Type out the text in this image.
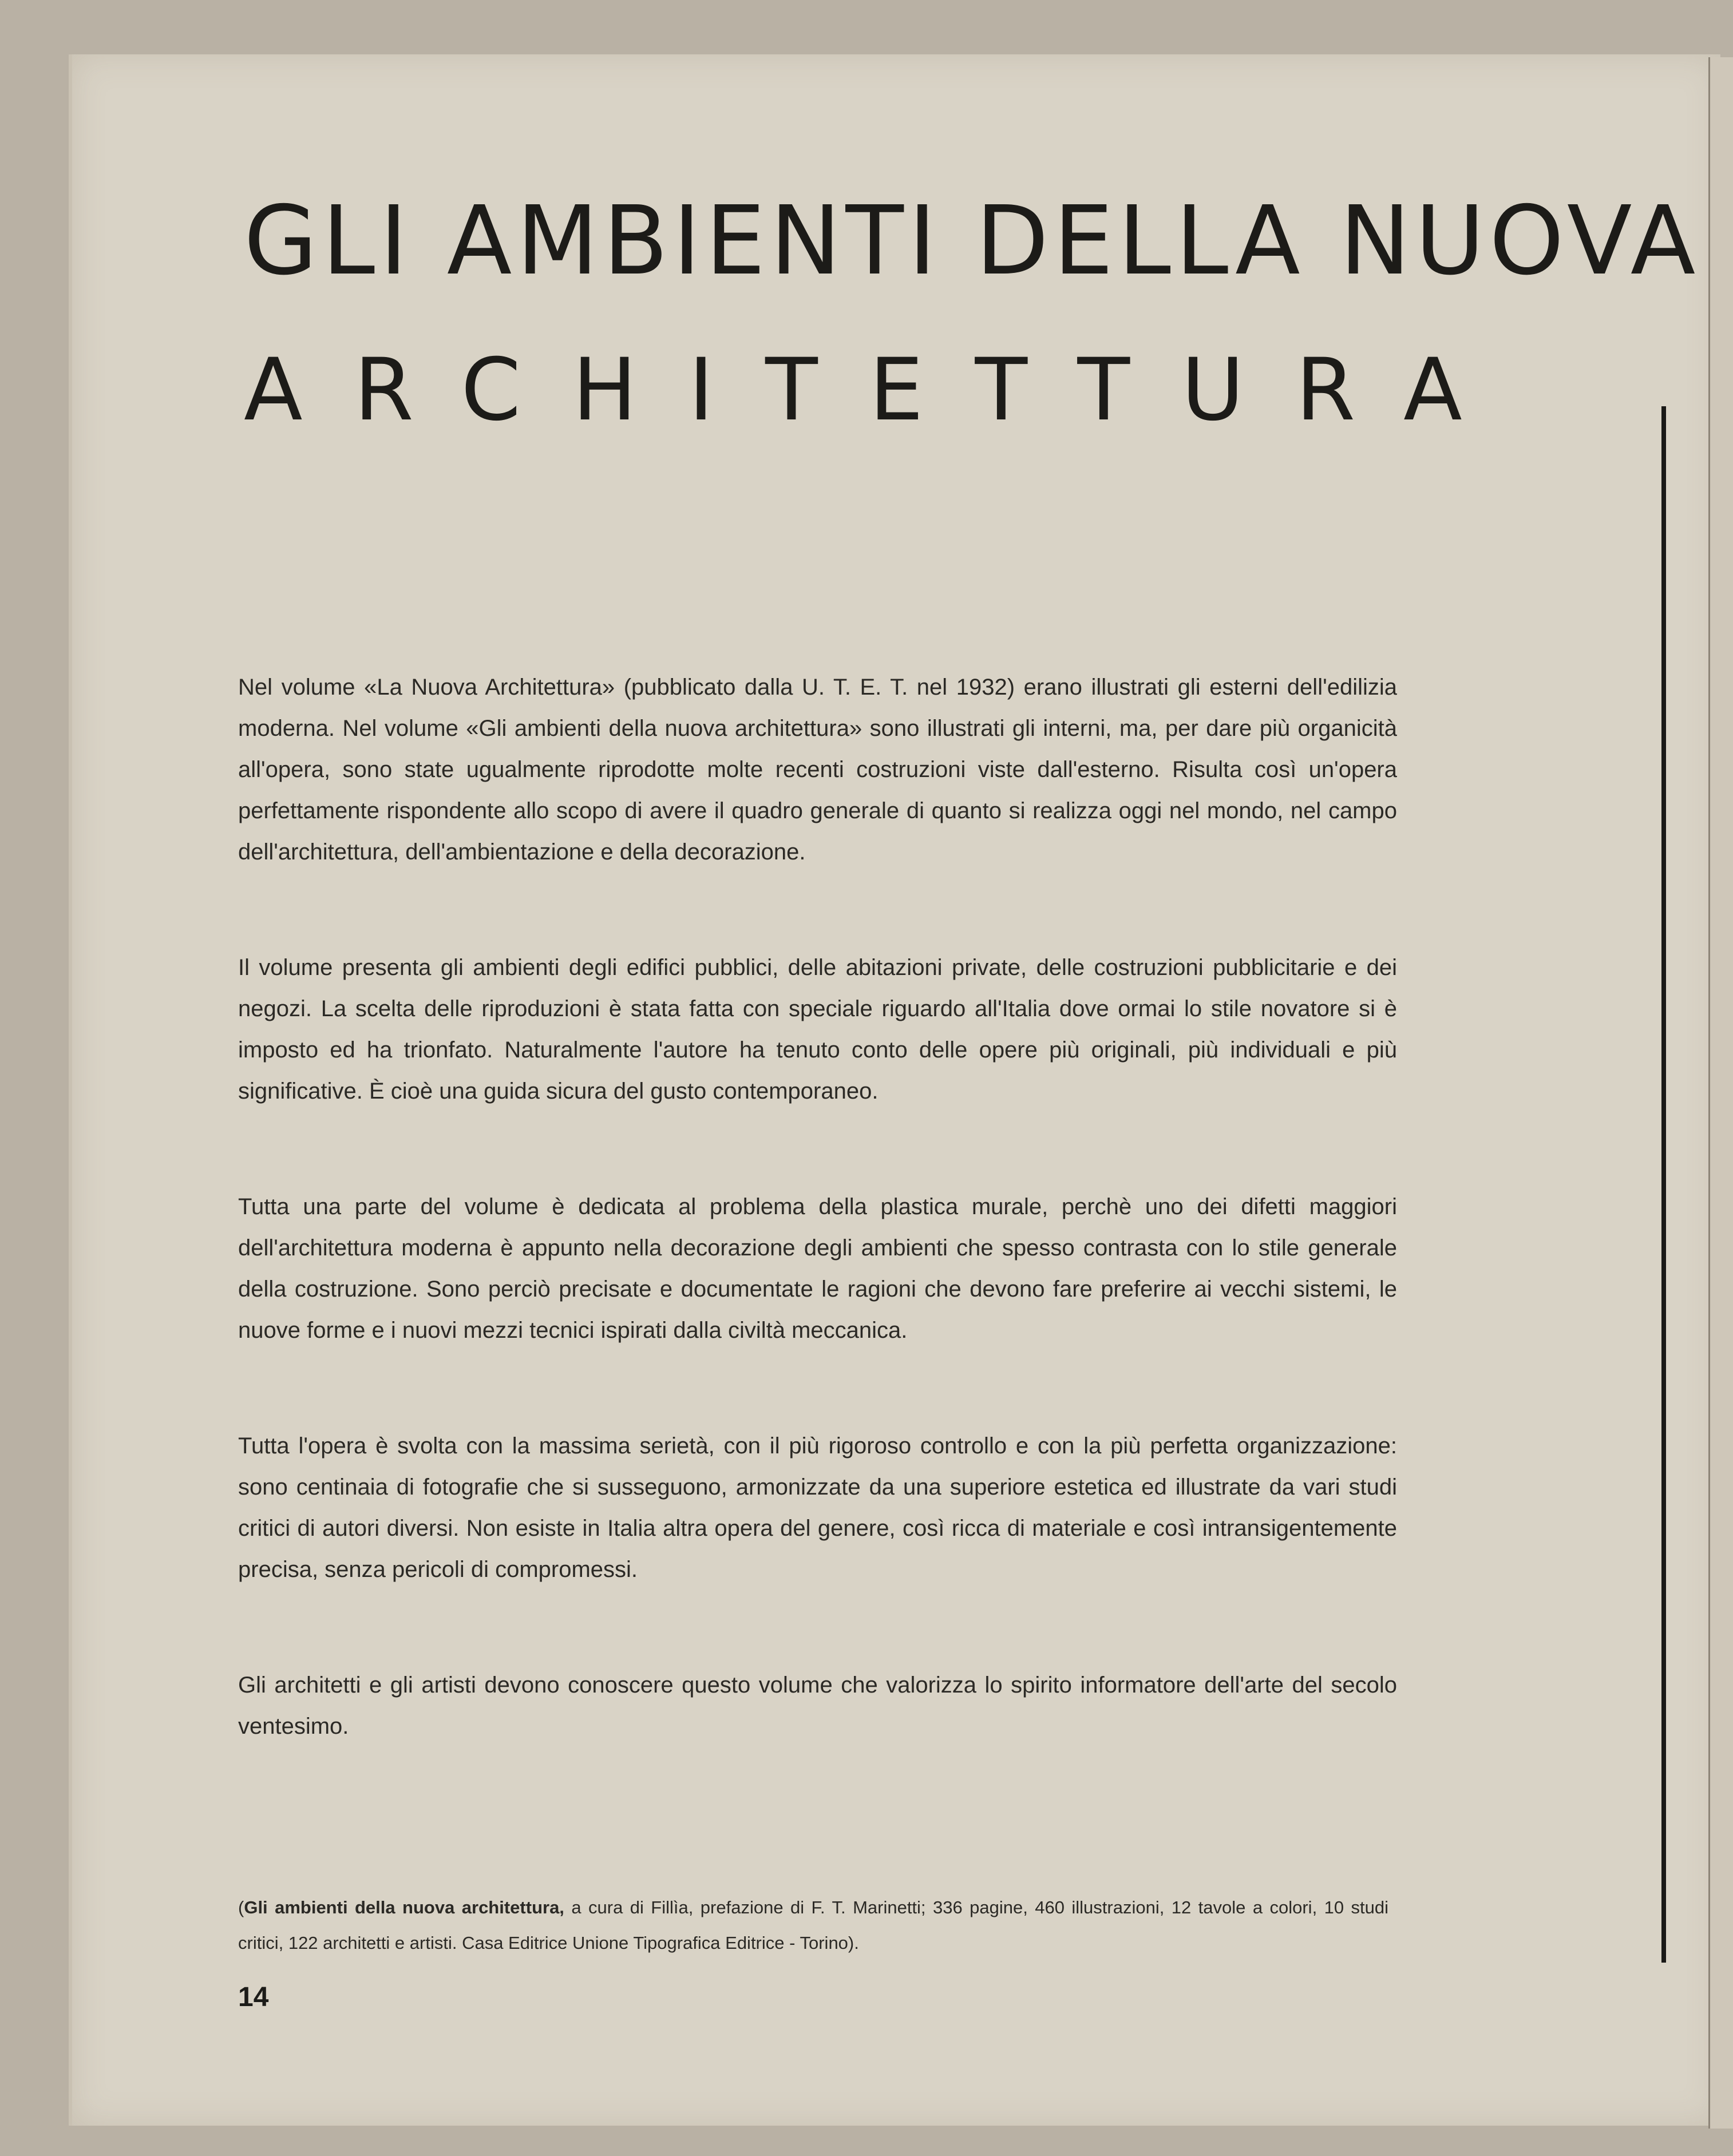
GLI AMBIENTI DELLA NUOVA
ARCHITETTURA

Nel volume «La Nuova Architettura» (pubblicato dalla U. T. E. T. nel 1932) erano illustrati gli esterni dell'edilizia moderna. Nel volume «Gli ambienti della nuova architettura» sono illustrati gli interni, ma, per dare più organicità all'opera, sono state ugualmente riprodotte molte recenti costruzioni viste dall'esterno. Risulta così un'opera perfettamente rispondente allo scopo di avere il quadro generale di quanto si realizza oggi nel mondo, nel campo dell'architettura, dell'ambientazione e della decorazione.

Il volume presenta gli ambienti degli edifici pubblici, delle abitazioni private, delle costruzioni pubblicitarie e dei negozi. La scelta delle riproduzioni è stata fatta con speciale riguardo all'Italia dove ormai lo stile novatore si è imposto ed ha trionfato. Naturalmente l'autore ha tenuto conto delle opere più originali, più individuali e più significative. È cioè una guida sicura del gusto contemporaneo.

Tutta una parte del volume è dedicata al problema della plastica murale, perchè uno dei difetti maggiori dell'architettura moderna è appunto nella decorazione degli ambienti che spesso contrasta con lo stile generale della costruzione. Sono perciò precisate e documentate le ragioni che devono fare preferire ai vecchi sistemi, le nuove forme e i nuovi mezzi tecnici ispirati dalla civiltà meccanica.

Tutta l'opera è svolta con la massima serietà, con il più rigoroso controllo e con la più perfetta organizzazione: sono centinaia di fotografie che si susseguono, armonizzate da una superiore estetica ed illustrate da vari studi critici di autori diversi. Non esiste in Italia altra opera del genere, così ricca di materiale e così intransigentemente precisa, senza pericoli di compromessi.

Gli architetti e gli artisti devono conoscere questo volume che valorizza lo spirito informatore dell'arte del secolo ventesimo.

(Gli ambienti della nuova architettura, a cura di Fillìa, prefazione di F. T. Marinetti; 336 pagine, 460 illustrazioni, 12 tavole a colori, 10 studi critici, 122 architetti e artisti. Casa Editrice Unione Tipografica Editrice - Torino).
14
